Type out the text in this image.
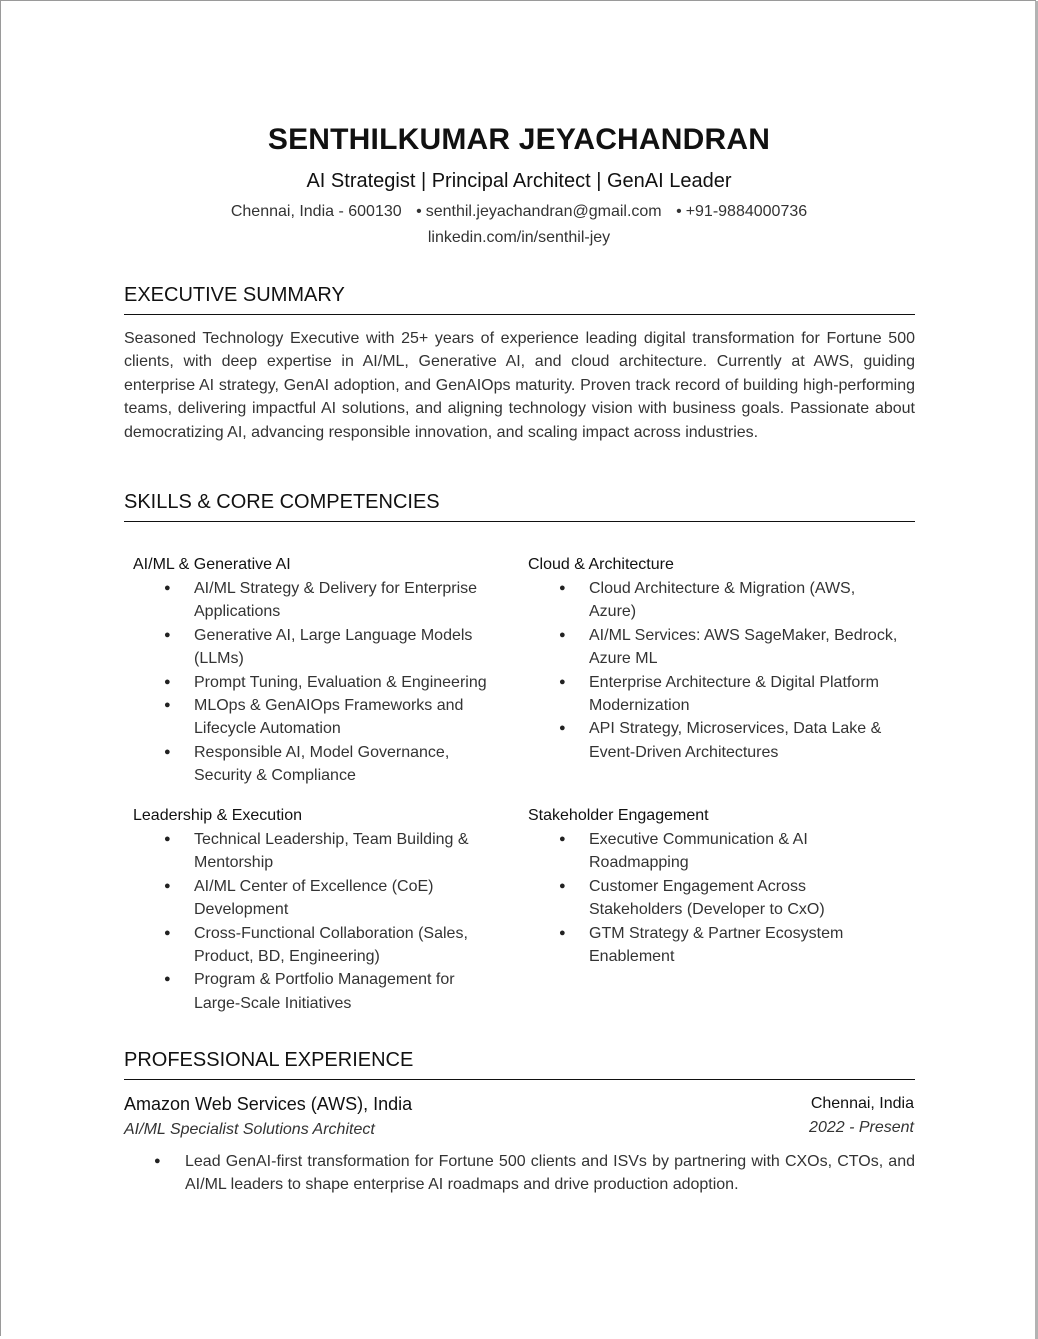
SENTHILKUMAR JEYACHANDRAN
AI Strategist | Principal Architect | GenAI Leader
Chennai, India - 600130 • senthil.jeyachandran@gmail.com • +91-9884000736
linkedin.com/in/senthil-jey
EXECUTIVE SUMMARY

Seasoned Technology Executive with 25+ years of experience leading digital transformation for Fortune 500 clients, with deep expertise in AI/ML, Generative AI, and cloud architecture. Currently at AWS, guiding enterprise AI strategy, GenAI adoption, and GenAIOps maturity. Proven track record of building high-performing teams, delivering impactful AI solutions, and aligning technology vision with business goals. Passionate about democratizing AI, advancing responsible innovation, and scaling impact across industries.

SKILLS & CORE COMPETENCIES
AI/ML & Generative AI
● AI/ML Strategy & Delivery for Enterprise Applications
● Generative AI, Large Language Models (LLMs)
● Prompt Tuning, Evaluation & Engineering
● MLOps & GenAIOps Frameworks and Lifecycle Automation
● Responsible AI, Model Governance, Security & Compliance
Cloud & Architecture
● Cloud Architecture & Migration (AWS, Azure)
● AI/ML Services: AWS SageMaker, Bedrock, Azure ML
● Enterprise Architecture & Digital Platform Modernization
● API Strategy, Microservices, Data Lake & Event-Driven Architectures
Leadership & Execution
● Technical Leadership, Team Building & Mentorship
● AI/ML Center of Excellence (CoE) Development
● Cross-Functional Collaboration (Sales, Product, BD, Engineering)
● Program & Portfolio Management for Large-Scale Initiatives
Stakeholder Engagement
● Executive Communication & AI Roadmapping
● Customer Engagement Across Stakeholders (Developer to CxO)
● GTM Strategy & Partner Ecosystem Enablement
PROFESSIONAL EXPERIENCE
Amazon Web Services (AWS), India	Chennai, India
AI/ML Specialist Solutions Architect	2022 - Present
● Lead GenAI-first transformation for Fortune 500 clients and ISVs by partnering with CXOs, CTOs, and AI/ML leaders to shape enterprise AI roadmaps and drive production adoption.
